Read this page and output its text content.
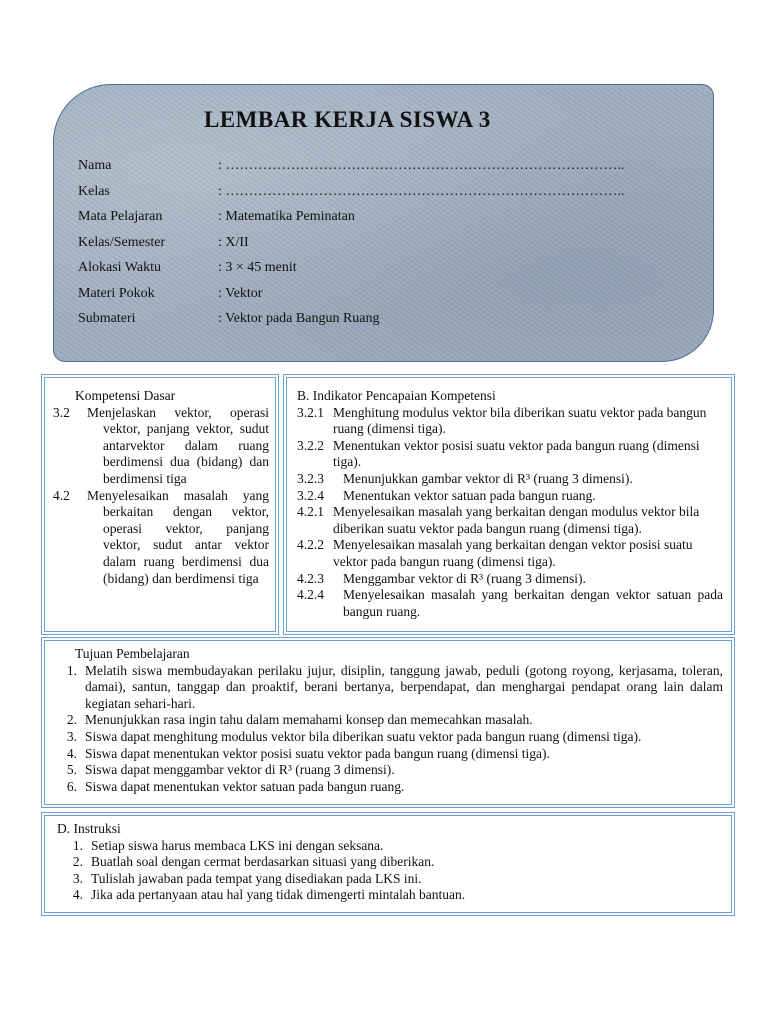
LEMBAR KERJA SISWA 3
Nama	: …………………………………………………………………………..
Kelas	: …………………………………………………………………………..
Mata Pelajaran	: Matematika Peminatan
Kelas/Semester	: X/II
Alokasi Waktu	: 3 × 45 menit
Materi Pokok	: Vektor
Submateri	: Vektor pada Bangun Ruang

Kompetensi Dasar

3.2 Menjelaskan vektor, operasi vektor, panjang vektor, sudut antarvektor dalam ruang berdimensi dua (bidang) dan berdimensi tiga
4.2 Menyelesaikan masalah yang berkaitan dengan vektor, operasi vektor, panjang vektor, sudut antar vektor dalam ruang berdimensi dua (bidang) dan berdimensi tiga

B. Indikator Pencapaian Kompetensi

3.2.1 Menghitung modulus vektor bila diberikan suatu vektor pada bangun ruang (dimensi tiga).
3.2.2 Menentukan vektor posisi suatu vektor pada bangun ruang (dimensi tiga).
3.2.3	Menunjukkan gambar vektor di R³ (ruang 3 dimensi).
3.2.4	Menentukan vektor satuan pada bangun ruang.
4.2.1 Menyelesaikan masalah yang berkaitan dengan modulus vektor bila diberikan suatu vektor pada bangun ruang (dimensi tiga).
4.2.2 Menyelesaikan masalah yang berkaitan dengan vektor posisi suatu vektor pada bangun ruang (dimensi tiga).
4.2.3	Menggambar vektor di R³ (ruang 3 dimensi).
4.2.4	Menyelesaikan masalah yang berkaitan dengan vektor satuan pada bangun ruang.

Tujuan Pembelajaran

1. Melatih siswa membudayakan perilaku jujur, disiplin, tanggung jawab, peduli (gotong royong, kerjasama, toleran, damai), santun, tanggap dan proaktif, berani bertanya, berpendapat, dan menghargai pendapat orang lain dalam kegiatan sehari-hari.
2. Menunjukkan rasa ingin tahu dalam memahami konsep dan memecahkan masalah.
3. Siswa dapat menghitung modulus vektor bila diberikan suatu vektor pada bangun ruang (dimensi tiga).
4. Siswa dapat menentukan vektor posisi suatu vektor pada bangun ruang (dimensi tiga).
5. Siswa dapat menggambar vektor di R³ (ruang 3 dimensi).
6. Siswa dapat menentukan vektor satuan pada bangun ruang.

D. Instruksi

1. Setiap siswa harus membaca LKS ini dengan seksana.
2. Buatlah soal dengan cermat berdasarkan situasi yang diberikan.
3. Tulislah jawaban pada tempat yang disediakan pada LKS ini.
4. Jika ada pertanyaan atau hal yang tidak dimengerti mintalah bantuan.
